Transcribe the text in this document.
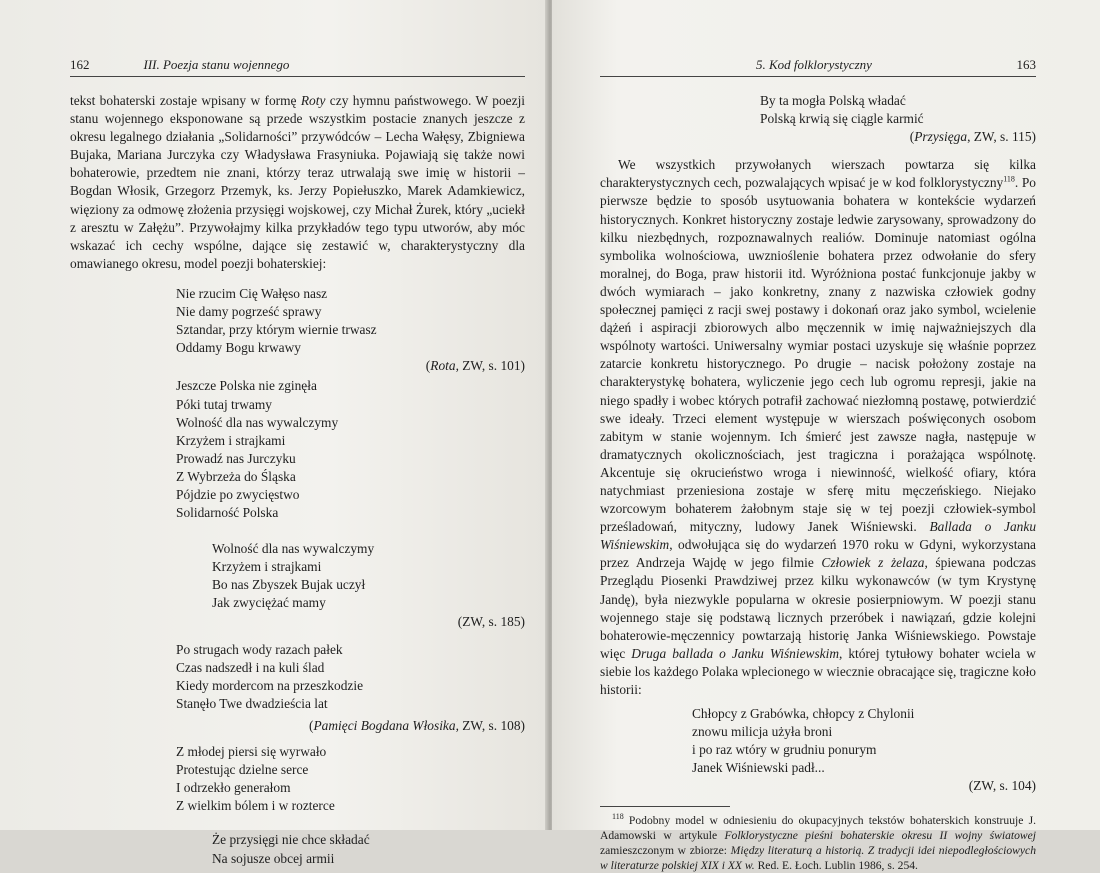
162	III. Poezja stanu wojennego

tekst bohaterski zostaje wpisany w formę Roty czy hymnu państwowego. W poezji stanu wojennego eksponowane są przede wszystkim postacie znanych jeszcze z okresu legalnego działania „Solidarności” przywódców – Lecha Wałęsy, Zbigniewa Bujaka, Mariana Jurczyka czy Władysława Frasyniuka. Pojawiają się także nowi bohaterowie, przedtem nie znani, którzy teraz utrwalają swe imię w historii – Bogdan Włosik, Grzegorz Przemyk, ks. Jerzy Popiełuszko, Marek Adamkiewicz, więziony za odmowę złożenia przysięgi wojskowej, czy Michał Żurek, który „uciekł z aresztu w Załężu”. Przywołajmy kilka przykładów tego typu utworów, aby móc wskazać ich cechy wspólne, dające się zestawić w, charakterystyczny dla omawianego okresu, model poezji bohaterskiej:

Nie rzucim Cię Wałęso nasz
Nie damy pogrześć sprawy
Sztandar, przy którym wiernie trwasz
Oddamy Bogu krwawy
(Rota, ZW, s. 101)
Jeszcze Polska nie zginęła
Póki tutaj trwamy
Wolność dla nas wywalczymy
Krzyżem i strajkami
Prowadź nas Jurczyku
Z Wybrzeża do Śląska
Pójdzie po zwycięstwo
Solidarność Polska
Wolność dla nas wywalczymy
Krzyżem i strajkami
Bo nas Zbyszek Bujak uczył
Jak zwyciężać mamy
(ZW, s. 185)
Po strugach wody razach pałek
Czas nadszedł i na kuli ślad
Kiedy mordercom na przeszkodzie
Stanęło Twe dwadzieścia lat
(Pamięci Bogdana Włosika, ZW, s. 108)
Z młodej piersi się wyrwało
Protestując dzielne serce
I odrzekło generałom
Z wielkim bólem i w rozterce
Że przysięgi nie chce składać
Na sojusze obcej armii
5. Kod folklorystyczny	163
By ta mogła Polską władać
Polską krwią się ciągle karmić
(Przysięga, ZW, s. 115)

We wszystkich przywołanych wierszach powtarza się kilka charakterystycznych cech, pozwalających wpisać je w kod folklorystyczny$^{118}$. Po pierwsze będzie to sposób usytuowania bohatera w kontekście wydarzeń historycznych. Konkret historyczny zostaje ledwie zarysowany, sprowadzony do kilku niezbędnych, rozpoznawalnych realiów. Dominuje natomiast ogólna symbolika wolnościowa, uwznioślenie bohatera przez odwołanie do sfery moralnej, do Boga, praw historii itd. Wyróżniona postać funkcjonuje jakby w dwóch wymiarach – jako konkretny, znany z nazwiska człowiek godny społecznej pamięci z racji swej postawy i dokonań oraz jako symbol, wcielenie dążeń i aspiracji zbiorowych albo męczennik w imię najważniejszych dla wspólnoty wartości. Uniwersalny wymiar postaci uzyskuje się właśnie poprzez zatarcie konkretu historycznego. Po drugie – nacisk położony zostaje na charakterystykę bohatera, wyliczenie jego cech lub ogromu represji, jakie na niego spadły i wobec których potrafił zachować niezłomną postawę, potwierdzić swe ideały. Trzeci element występuje w wierszach poświęconych osobom zabitym w stanie wojennym. Ich śmierć jest zawsze nagła, następuje w dramatycznych okolicznościach, jest tragiczna i porażająca wspólnotę. Akcentuje się okrucieństwo wroga i niewinność, wielkość ofiary, która natychmiast przeniesiona zostaje w sferę mitu męczeńskiego. Niejako wzorcowym bohaterem żałobnym staje się w tej poezji człowiek-symbol prześladowań, mityczny, ludowy Janek Wiśniewski. Ballada o Janku Wiśniewskim, odwołująca się do wydarzeń 1970 roku w Gdyni, wykorzystana przez Andrzeja Wajdę w jego filmie Człowiek z żelaza, śpiewana podczas Przeglądu Piosenki Prawdziwej przez kilku wykonawców (w tym Krystynę Jandę), była niezwykle popularna w okresie posierpniowym. W poezji stanu wojennego staje się podstawą licznych przeróbek i nawiązań, gdzie kolejni bohaterowie-męczennicy powtarzają historię Janka Wiśniewskiego. Powstaje więc Druga ballada o Janku Wiśniewskim, której tytułowy bohater wciela w siebie los każdego Polaka wplecionego w wiecznie obracające się, tragiczne koło historii:

Chłopcy z Grabówka, chłopcy z Chylonii
znowu milicja użyła broni
i po raz wtóry w grudniu ponurym
Janek Wiśniewski padł...
(ZW, s. 104)

$^{118}$ Podobny model w odniesieniu do okupacyjnych tekstów bohaterskich konstruuje J. Adamowski w artykule Folklorystyczne pieśni bohaterskie okresu II wojny światowej zamieszczonym w zbiorze: Między literaturą a historią. Z tradycji idei niepodległościowych w literaturze polskiej XIX i XX w. Red. E. Łoch. Lublin 1986, s. 254.
